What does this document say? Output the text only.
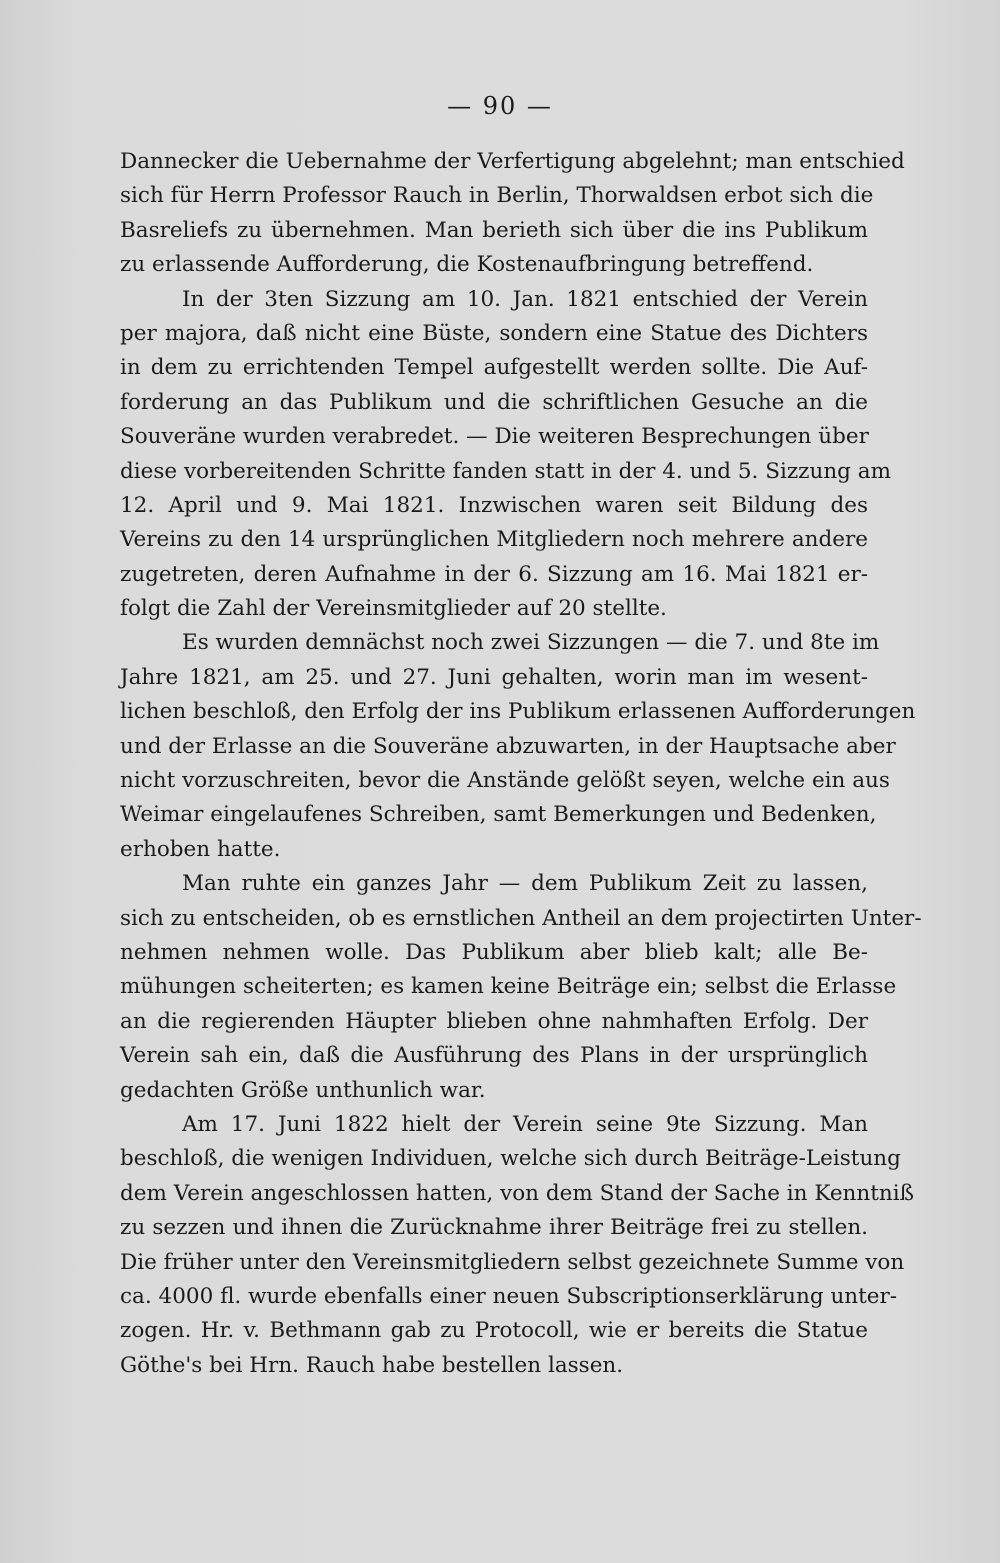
— 90 —
Dannecker die Uebernahme der Verfertigung abgelehnt; man entschied
sich für Herrn Professor Rauch in Berlin, Thorwaldsen erbot sich die
Basreliefs zu übernehmen. Man berieth sich über die ins Publikum
zu erlassende Aufforderung, die Kostenaufbringung betreffend.
In der 3ten Sizzung am 10. Jan. 1821 entschied der Verein
per majora, daß nicht eine Büste, sondern eine Statue des Dichters
in dem zu errichtenden Tempel aufgestellt werden sollte. Die Auf-
forderung an das Publikum und die schriftlichen Gesuche an die
Souveräne wurden verabredet. — Die weiteren Besprechungen über
diese vorbereitenden Schritte fanden statt in der 4. und 5. Sizzung am
12. April und 9. Mai 1821. Inzwischen waren seit Bildung des
Vereins zu den 14 ursprünglichen Mitgliedern noch mehrere andere
zugetreten, deren Aufnahme in der 6. Sizzung am 16. Mai 1821 er-
folgt die Zahl der Vereinsmitglieder auf 20 stellte.
Es wurden demnächst noch zwei Sizzungen — die 7. und 8te im
Jahre 1821, am 25. und 27. Juni gehalten, worin man im wesent-
lichen beschloß, den Erfolg der ins Publikum erlassenen Aufforderungen
und der Erlasse an die Souveräne abzuwarten, in der Hauptsache aber
nicht vorzuschreiten, bevor die Anstände gelößt seyen, welche ein aus
Weimar eingelaufenes Schreiben, samt Bemerkungen und Bedenken,
erhoben hatte.
Man ruhte ein ganzes Jahr — dem Publikum Zeit zu lassen,
sich zu entscheiden, ob es ernstlichen Antheil an dem projectirten Unter-
nehmen nehmen wolle. Das Publikum aber blieb kalt; alle Be-
mühungen scheiterten; es kamen keine Beiträge ein; selbst die Erlasse
an die regierenden Häupter blieben ohne nahmhaften Erfolg. Der
Verein sah ein, daß die Ausführung des Plans in der ursprünglich
gedachten Größe unthunlich war.
Am 17. Juni 1822 hielt der Verein seine 9te Sizzung. Man
beschloß, die wenigen Individuen, welche sich durch Beiträge-Leistung
dem Verein angeschlossen hatten, von dem Stand der Sache in Kenntniß
zu sezzen und ihnen die Zurücknahme ihrer Beiträge frei zu stellen.
Die früher unter den Vereinsmitgliedern selbst gezeichnete Summe von
ca. 4000 fl. wurde ebenfalls einer neuen Subscriptionserklärung unter-
zogen. Hr. v. Bethmann gab zu Protocoll, wie er bereits die Statue
Göthe's bei Hrn. Rauch habe bestellen lassen.
